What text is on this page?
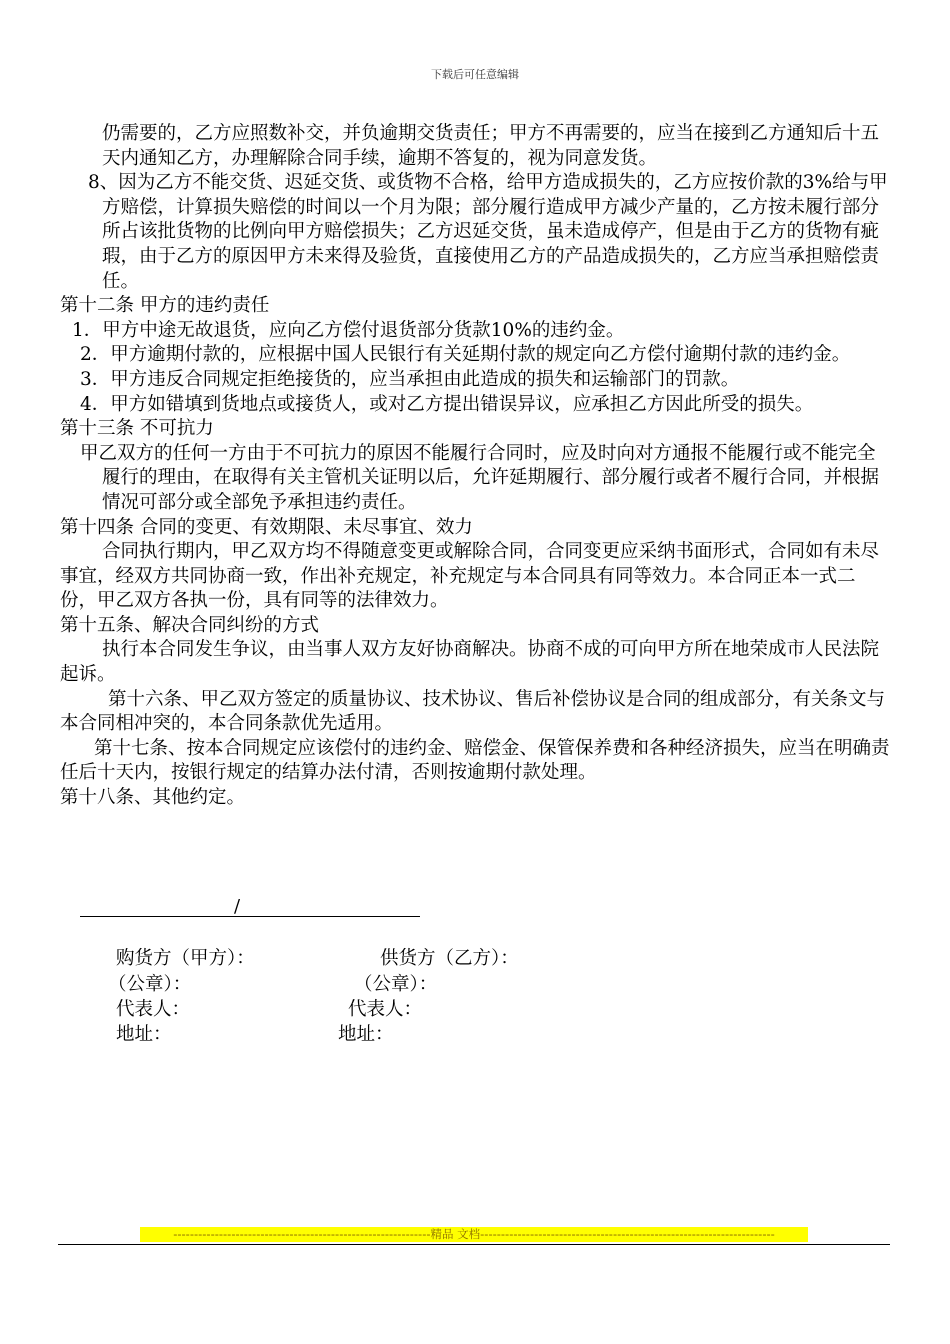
下载后可任意编辑

仍需要的，乙方应照数补交，并负逾期交货责任；甲方不再需要的，应当在接到乙方通知后十五天内通知乙方，办理解除合同手续，逾期不答复的，视为同意发货。

8、因为乙方不能交货、迟延交货、或货物不合格，给甲方造成损失的，乙方应按价款的3%给与甲方赔偿，计算损失赔偿的时间以一个月为限；部分履行造成甲方减少产量的，乙方按未履行部分所占该批货物的比例向甲方赔偿损失；乙方迟延交货，虽未造成停产，但是由于乙方的货物有疵瑕，由于乙方的原因甲方未来得及验货，直接使用乙方的产品造成损失的，乙方应当承担赔偿责任。

第十二条 甲方的违约责任

1．甲方中途无故退货，应向乙方偿付退货部分货款10%的违约金。

2．甲方逾期付款的，应根据中国人民银行有关延期付款的规定向乙方偿付逾期付款的违约金。

3．甲方违反合同规定拒绝接货的，应当承担由此造成的损失和运输部门的罚款。

4．甲方如错填到货地点或接货人，或对乙方提出错误异议，应承担乙方因此所受的损失。

第十三条 不可抗力

甲乙双方的任何一方由于不可抗力的原因不能履行合同时，应及时向对方通报不能履行或不能完全履行的理由，在取得有关主管机关证明以后，允许延期履行、部分履行或者不履行合同，并根据情况可部分或全部免予承担违约责任。

第十四条 合同的变更、有效期限、未尽事宜、效力

合同执行期内，甲乙双方均不得随意变更或解除合同，合同变更应采纳书面形式，合同如有未尽事宜，经双方共同协商一致，作出补充规定，补充规定与本合同具有同等效力。本合同正本一式二份，甲乙双方各执一份，具有同等的法律效力。

第十五条、解决合同纠纷的方式

执行本合同发生争议，由当事人双方友好协商解决。协商不成的可向甲方所在地荣成市人民法院起诉。

第十六条、甲乙双方签定的质量协议、技术协议、售后补偿协议是合同的组成部分，有关条文与本合同相冲突的，本合同条款优先适用。

第十七条、按本合同规定应该偿付的违约金、赔偿金、保管保养费和各种经济损失，应当在明确责任后十天内，按银行规定的结算办法付清，否则按逾期付款处理。

第十八条、其他约定。

/
购货方（甲方）：	供货方（乙方）：
（公章）：	（公章）：
代表人：	代表人：
地址：	地址：
--------------------------------------------------------------精品 文档-----------------------------------------------------------------------
